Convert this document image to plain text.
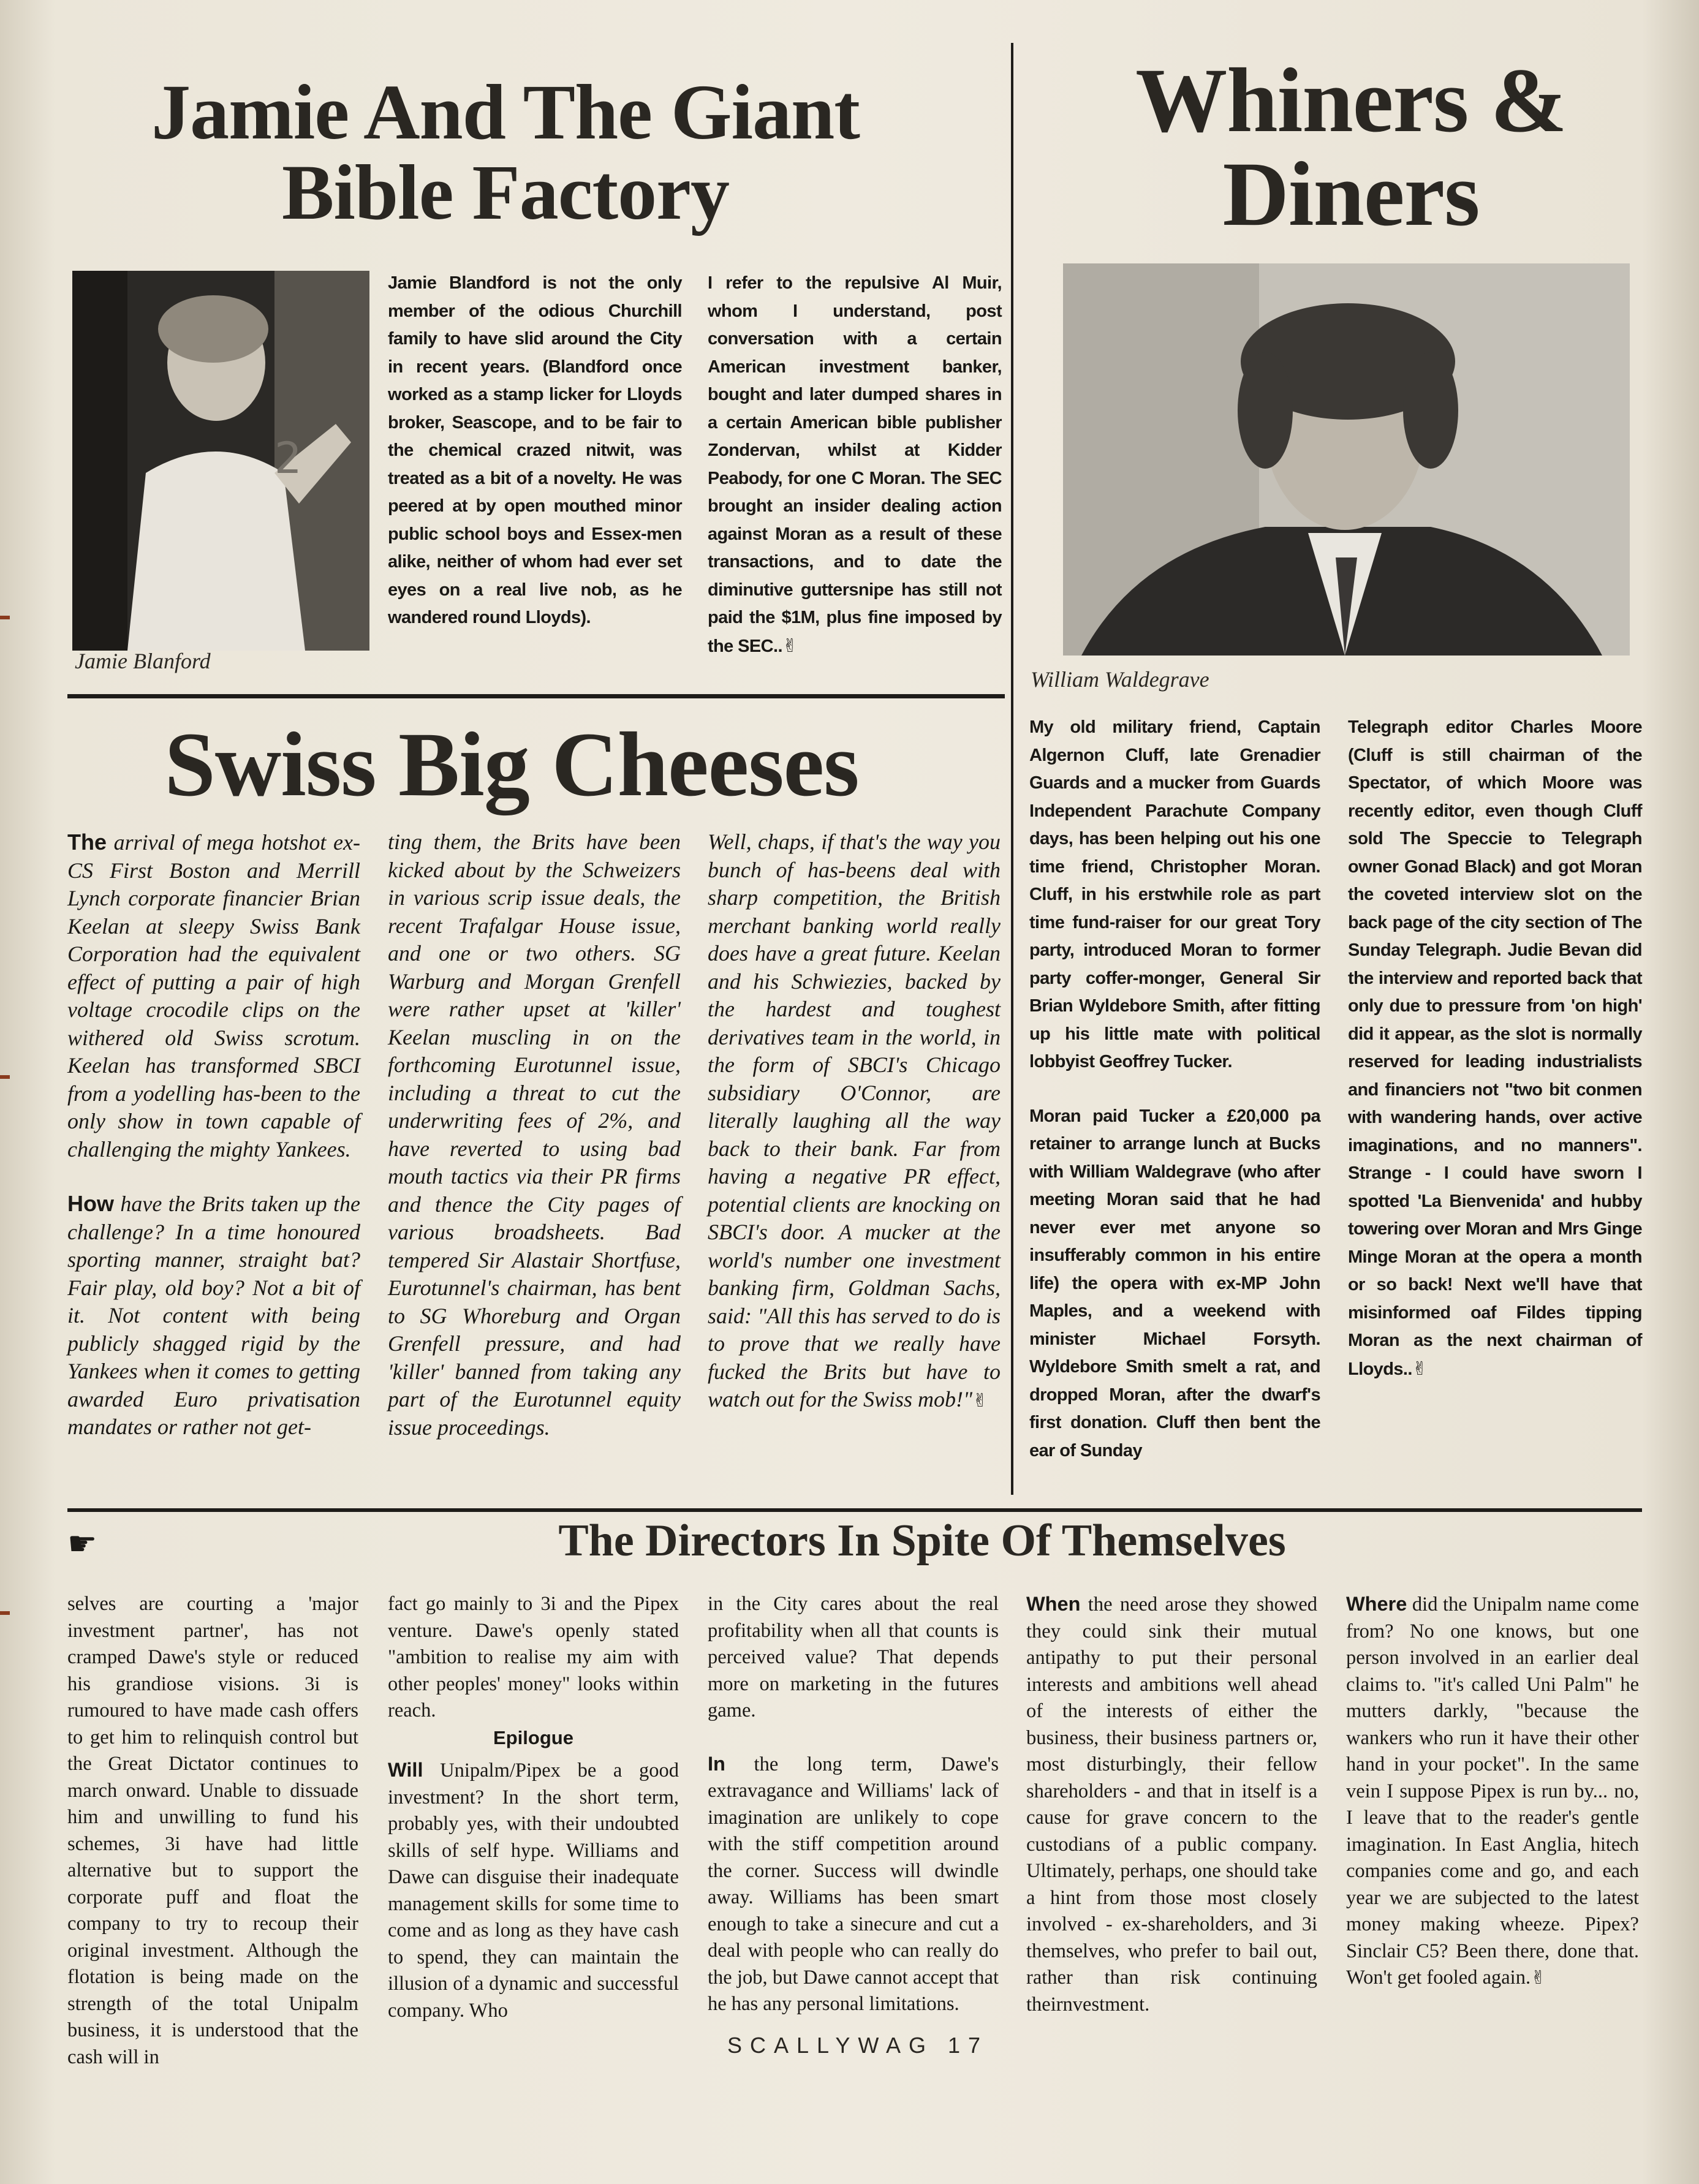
Jamie And The Giant
Bible Factory
2
Jamie Blanford

Jamie Blandford is not the only member of the odious Churchill family to have slid around the City in recent years. (Blandford once worked as a stamp licker for Lloyds broker, Seascope, and to be fair to the chemical crazed nitwit, was treated as a bit of a novelty. He was peered at by open mouthed minor public school boys and Essex-men alike, neither of whom had ever set eyes on a real live nob, as he wandered round Lloyds).

I refer to the repulsive Al Muir, whom I understand, post conversation with a certain American investment banker, bought and later dumped shares in a certain American bible publisher Zondervan, whilst at Kidder Peabody, for one C Moran. The SEC brought an insider dealing action against Moran as a result of these transactions, and to date the diminutive guttersnipe has still not paid the $1M, plus fine imposed by the SEC..✌

Whiners &
Diners
William Waldegrave

My old military friend, Captain Algernon Cluff, late Grenadier Guards and a mucker from Guards Independent Parachute Company days, has been helping out his one time friend, Christopher Moran. Cluff, in his erstwhile role as part time fund-raiser for our great Tory party, introduced Moran to former party coffer-monger, General Sir Brian Wyldebore Smith, after fitting up his little mate with political lobbyist Geoffrey Tucker.

Moran paid Tucker a £20,000 pa retainer to arrange lunch at Bucks with William Waldegrave (who after meeting Moran said that he had never ever met anyone so insufferably common in his entire life) the opera with ex-MP John Maples, and a weekend with minister Michael Forsyth. Wyldebore Smith smelt a rat, and dropped Moran, after the dwarf's first donation. Cluff then bent the ear of Sunday

Telegraph editor Charles Moore (Cluff is still chairman of the Spectator, of which Moore was recently editor, even though Cluff sold The Speccie to Telegraph owner Gonad Black) and got Moran the coveted interview slot on the back page of the city section of The Sunday Telegraph. Judie Bevan did the interview and reported back that only due to pressure from 'on high' did it appear, as the slot is normally reserved for leading industrialists and financiers not "two bit conmen with wandering hands, over active imaginations, and no manners". Strange - I could have sworn I spotted 'La Bienvenida' and hubby towering over Moran and Mrs Ginge Minge Moran at the opera a month or so back! Next we'll have that misinformed oaf Fildes tipping Moran as the next chairman of Lloyds..✌

Swiss Big Cheeses

The arrival of mega hotshot ex-CS First Boston and Merrill Lynch corporate financier Brian Keelan at sleepy Swiss Bank Corporation had the equivalent effect of putting a pair of high voltage crocodile clips on the withered old Swiss scrotum. Keelan has transformed SBCI from a yodelling has-been to the only show in town capable of challenging the mighty Yankees.

How have the Brits taken up the challenge? In a time honoured sporting manner, straight bat? Fair play, old boy? Not a bit of it. Not content with being publicly shagged rigid by the Yankees when it comes to getting awarded Euro privatisation mandates or rather not get-

ting them, the Brits have been kicked about by the Schweizers in various scrip issue deals, the recent Trafalgar House issue, and one or two others. SG Warburg and Morgan Grenfell were rather upset at 'killer' Keelan muscling in on the forthcoming Eurotunnel issue, including a threat to cut the underwriting fees of 2%, and have reverted to using bad mouth tactics via their PR firms and thence the City pages of various broadsheets. Bad tempered Sir Alastair Shortfuse, Eurotunnel's chairman, has bent to SG Whoreburg and Organ Grenfell pressure, and had 'killer' banned from taking any part of the Eurotunnel equity issue proceedings.

Well, chaps, if that's the way you bunch of has-beens deal with sharp competition, the British merchant banking world really does have a great future. Keelan and his Schwiezies, backed by the hardest and toughest derivatives team in the world, in the form of SBCI's Chicago subsidiary O'Connor, are literally laughing all the way back to their bank. Far from having a negative PR effect, potential clients are knocking on SBCI's door. A mucker at the world's number one investment banking firm, Goldman Sachs, said: "All this has served to do is to prove that we really have fucked the Brits but have to watch out for the Swiss mob!"✌

☛	The Directors In Spite Of Themselves

selves are courting a 'major investment partner', has not cramped Dawe's style or reduced his grandiose visions. 3i is rumoured to have made cash offers to get him to relinquish control but the Great Dictator continues to march onward. Unable to dissuade him and unwilling to fund his schemes, 3i have had little alternative but to support the corporate puff and float the company to try to recoup their original investment. Although the flotation is being made on the strength of the total Unipalm business, it is understood that the cash will in

fact go mainly to 3i and the Pipex venture. Dawe's openly stated "ambition to realise my aim with other peoples' money" looks within reach.

Epilogue

Will Unipalm/Pipex be a good investment? In the short term, probably yes, with their undoubted skills of self hype. Williams and Dawe can disguise their inadequate management skills for some time to come and as long as they have cash to spend, they can maintain the illusion of a dynamic and successful company. Who

in the City cares about the real profitability when all that counts is perceived value? That depends more on marketing in the futures game.

In the long term, Dawe's extravagance and Williams' lack of imagination are unlikely to cope with the stiff competition around the corner. Success will dwindle away. Williams has been smart enough to take a sinecure and cut a deal with people who can really do the job, but Dawe cannot accept that he has any personal limitations.

When the need arose they showed they could sink their mutual antipathy to put their personal interests and ambitions well ahead of the interests of either the business, their business partners or, most disturbingly, their fellow shareholders - and that in itself is a cause for grave concern to the custodians of a public company. Ultimately, perhaps, one should take a hint from those most closely involved - ex-shareholders, and 3i themselves, who prefer to bail out, rather than risk continuing theirnvestment.

Where did the Unipalm name come from? No one knows, but one person involved in an earlier deal claims to. "it's called Uni Palm" he mutters darkly, "because the wankers who run it have their other hand in your pocket". In the same vein I suppose Pipex is run by... no, I leave that to the reader's gentle imagination. In East Anglia, hitech companies come and go, and each year we are subjected to the latest money making wheeze. Pipex? Sinclair C5? Been there, done that. Won't get fooled again.✌

SCALLYWAG 17
